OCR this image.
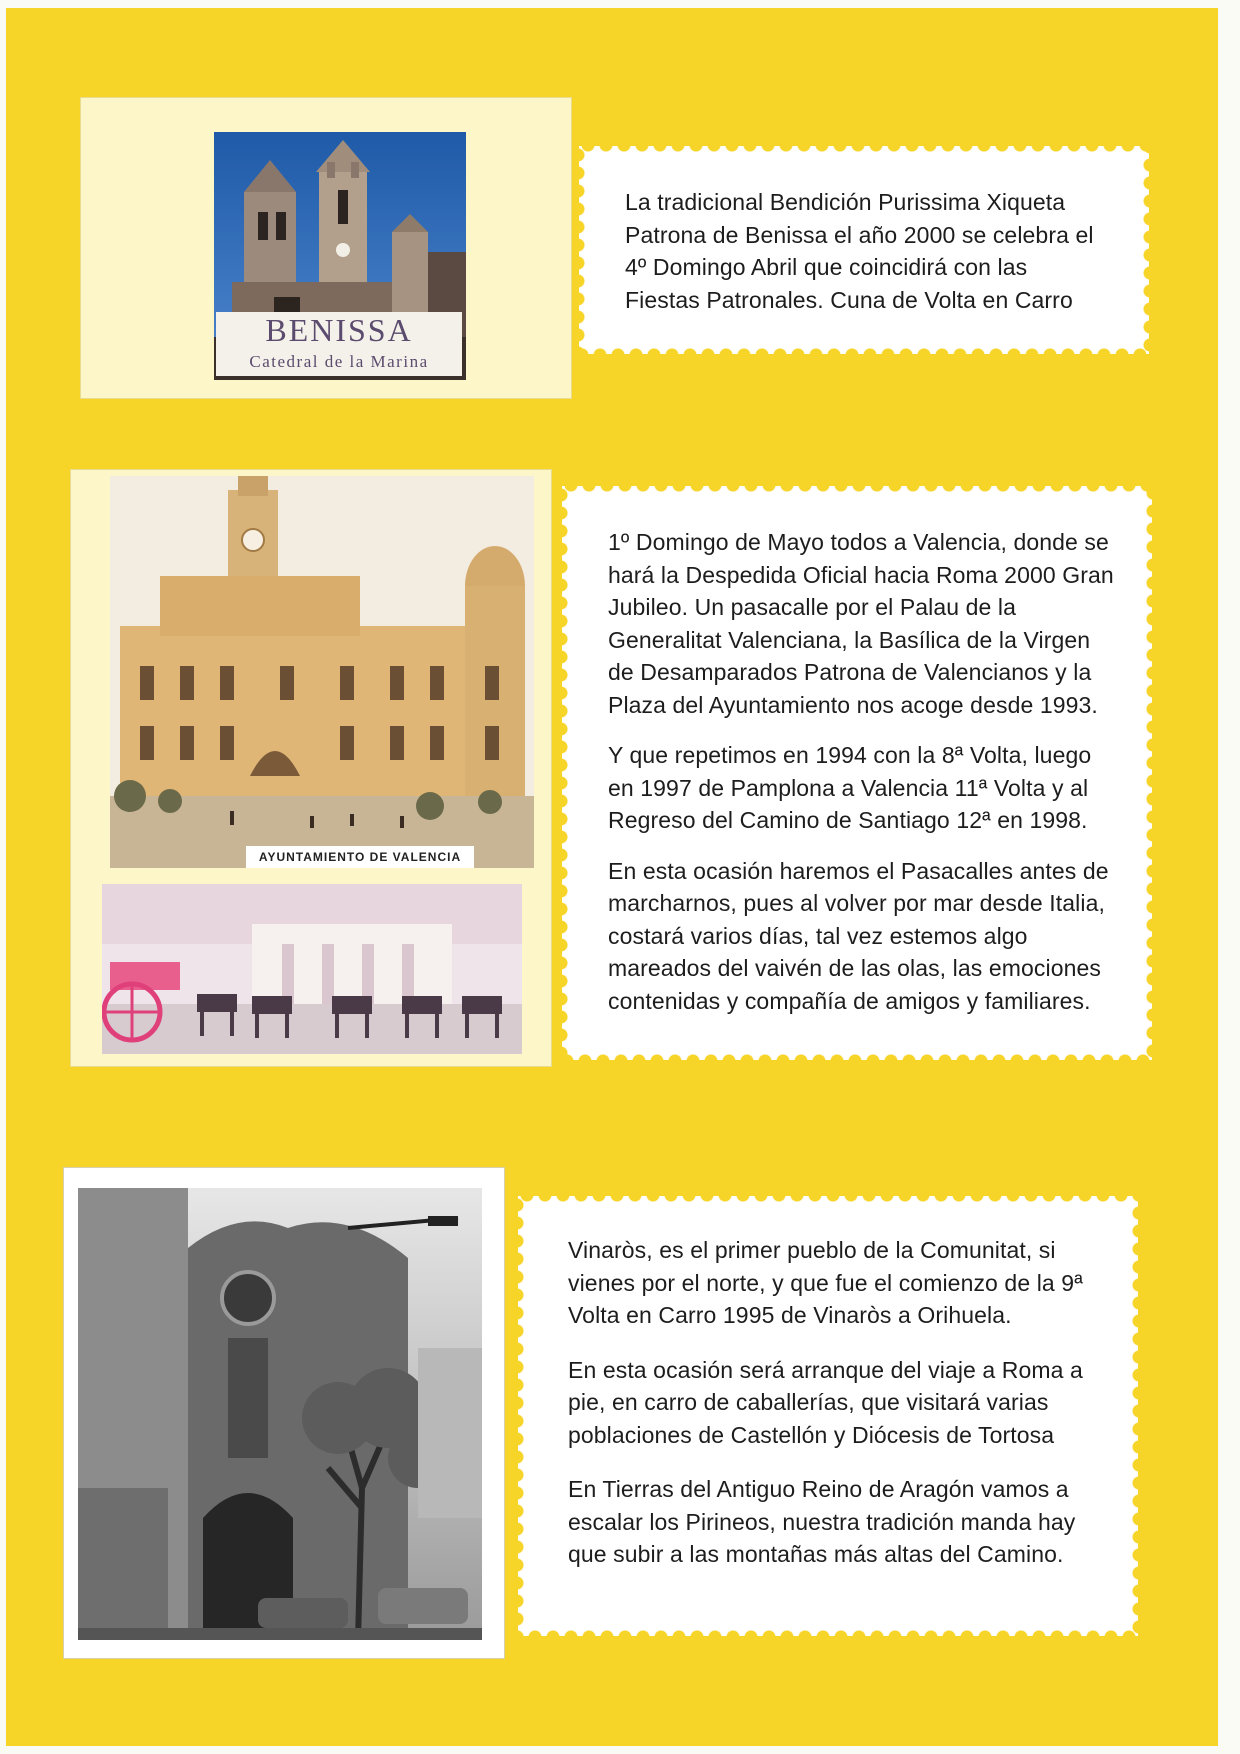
BENISSA
Catedral de la Marina

La tradicional Bendición Purissima Xiqueta Patrona de Benissa el año 2000 se celebra el 4º Domingo Abril que coincidirá con las Fiestas Patronales. Cuna de Volta en Carro

AYUNTAMIENTO DE VALENCIA

1º Domingo de Mayo todos a Valencia, donde se hará la Despedida Oficial hacia Roma 2000 Gran Jubileo. Un pasacalle por el Palau de la Generalitat Valenciana, la Basílica de la Virgen de Desamparados Patrona de Valencianos y la Plaza del Ayuntamiento nos acoge desde 1993.

Y que repetimos en 1994 con la 8ª Volta, luego en 1997 de Pamplona a Valencia 11ª Volta y al Regreso del Camino de Santiago 12ª en 1998.

En esta ocasión haremos el Pasacalles antes de marcharnos, pues al volver por mar desde Italia, costará varios días, tal vez estemos algo mareados del vaivén de las olas, las emociones contenidas y compañía de amigos y familiares.

Vinaròs, es el primer pueblo de la Comunitat, si vienes por el norte, y que fue el comienzo de la 9ª Volta en Carro 1995 de Vinaròs a Orihuela.

En esta ocasión será arranque del viaje a Roma a pie, en carro de caballerías, que visitará varias poblaciones de Castellón y Diócesis de Tortosa

En Tierras del Antiguo Reino de Aragón vamos a escalar los Pirineos, nuestra tradición manda hay que subir a las montañas más altas del Camino.
